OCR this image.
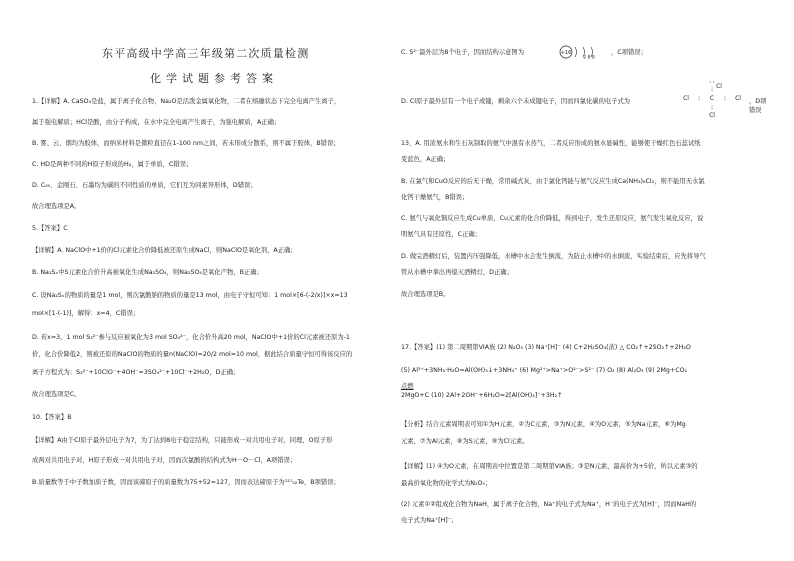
东平高级中学高三年级第二次质量检测
化学试题参考答案
1.【详解】A. CaSO₄是盐，属于离子化合物，Na₂O是活泼金属氧化物，二者在熔融状态下完全电离产生离子，
属于强电解质；HCl是酸，由分子构成，在水中完全电离产生离子，为强电解质，A正确；
B. 雾、云、烟均为胶体，而纳米材料是微粒直径在1-100 nm之间，若未形成分散系，则不属于胶体，B错误；
C. HD是两种不同的H原子形成的H₂，属于单质，C错误；
D. C₆₀、金刚石、石墨均为碳的不同性质的单质，它们互为同素异形体，D错误；
故合理选项是A。
5.【答案】C
【详解】A. NaClO中+1价的Cl元素化合价降低被还原生成NaCl，则NaClO是氧化剂，A正确；
B. Na₂Sₓ中S元素化合价升高被氧化生成Na₂SO₄，则Na₂SO₄是氧化产物，B正确；
C. 设Na₂Sₓ的物质的量是1 mol，则次氯酸钠的物质的量是13 mol，由电子守恒可知：1 mol×[6-(-2/x)]×x=13
mol×[1-(-1)]，解得：x=4，C错误；
D. 若x=3，1 mol S₃²⁻参与反应被氧化为3 mol SO₄²⁻，化合价升高20 mol，NaClO中+1价的Cl元素被还原为-1
价，化合价降低2，则被还原的NaClO的物质的量n(NaClO)=20/2 mol=10 mol，据此结合质量守恒可得该反应的
离子方程式为：S₃²⁻+10ClO⁻+4OH⁻=3SO₄²⁻+10Cl⁻+2H₂O，D正确；
故合理选项是C。
10.【答案】B
【详解】A由于Cl原子最外层电子为7，为了达到8电子稳定结构，只能形成一对共用电子对，同理，O原子形
成两对共用电子对，H原子形成一对共用电子对，因而次氯酸的结构式为H－O－Cl，A项错误；
B.质量数等于中子数加质子数，因而该碲原子的质量数为75+52=127，因而表达碲原子为¹²⁷₅₂Te，B项错误；
C. S²⁻最外层为8个电子，因而结构示意图为	+16
2 8 8
，C项错误；
D. Cl原子最外层有一个电子成键，剩余六个未成键电子，因而四氯化碳的电子式为
··
: Cl
Cl : C : Cl
:
Cl
，D项错误
13、A. 用浓氨水和生石灰制取的氨气中混有水蒸气，二者反应形成的氨水显碱性，能够使干燥红色石蕊试纸
变蓝色，A正确；
B. 在氯气和CuO反应的后无干燥，常用碱式灰，由于氯化钙能与氨气反应生成Ca(NH₃)₈Cl₂，则不能用无水氯
化钙干燥氨气，B错误；
C. 氨气与氧化铜反应生成Cu单质，Cu元素的化合价降低，得到电子，发生还原反应，氨气发生氧化反应，说
明氨气具有还原性，C正确；
D. 做完酒精灯后，装置内压强降低，水槽中水会发生倒流，为防止水槽中的水倒流，实验结束后，应先将导气
管从水槽中拿出再熄灭酒精灯，D正确；
故合理选项是B。
17.【答案】(1) 第二周期第VIA族 (2) N₂O₅ (3) Na⁺[H]⁻ (4) C+2H₂SO₄(浓) △ CO₂↑+2SO₂↑+2H₂O
(5) Al³⁺+3NH₃·H₂O=Al(OH)₃↓+3NH₄⁺ (6) Mg²⁺>Na⁺>O²⁻>S²⁻ (7) O₂ (8) Al₂O₃ (9) 2Mg+CO₂
点燃
2MgO+C (10) 2Al+2OH⁻+6H₂O=2[Al(OH)₄]⁻+3H₂↑
【分析】结合元素周期表可知①为H元素，②为C元素，③为N元素，④为O元素，⑤为Na元素，⑥为Mg
元素，⑦为Al元素，⑧为S元素，⑨为Cl元素。
【详解】(1) ④为O元素，在周期表中位置是第二周期第VIA族；③是N元素，最高价为+5价，所以元素③的
最高价氧化物的化学式为N₂O₅；
(2) 元素①②组成化合物为NaH，属于离子化合物，Na⁺的电子式为Na⁺，H⁻的电子式为[H]⁻，因而NaH的
电子式为Na⁺[H]⁻；
